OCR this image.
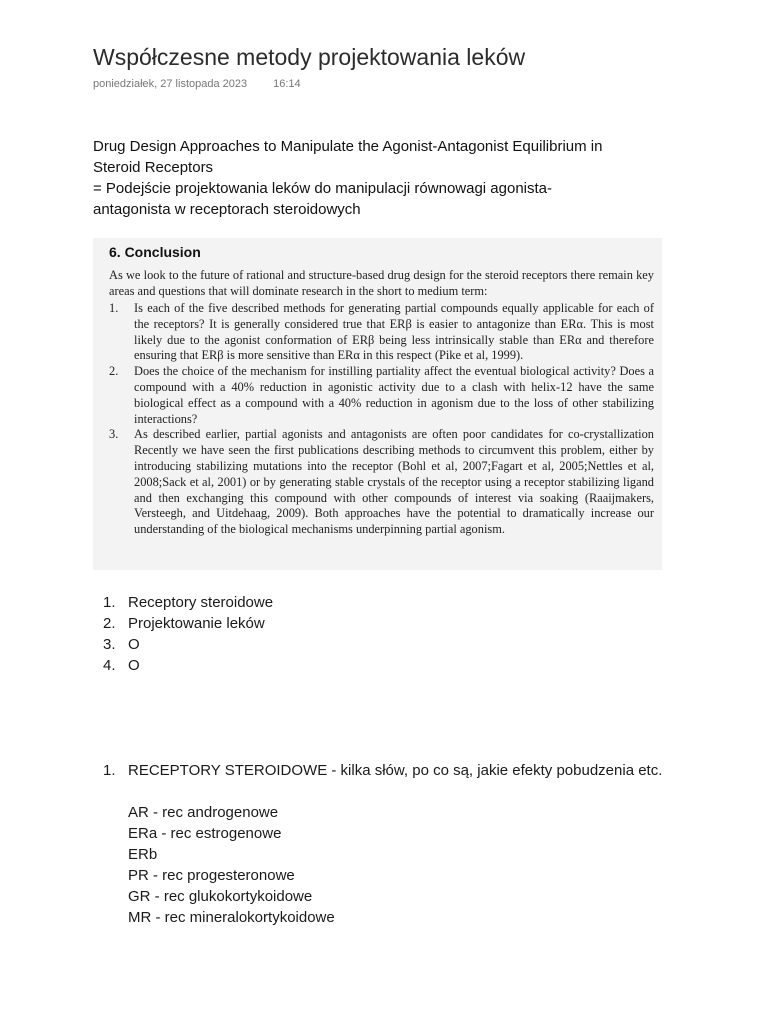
Współczesne metody projektowania leków
poniedziałek, 27 listopada 2023 16:14
Drug Design Approaches to Manipulate the Agonist-Antagonist Equilibrium in
Steroid Receptors
= Podejście projektowania leków do manipulacji równowagi agonista-
antagonista w receptorach steroidowych
6. Conclusion
As we look to the future of rational and structure-based drug design for the steroid receptors there remain key areas and questions that will dominate research in the short to medium term:
1. Is each of the five described methods for generating partial compounds equally applicable for each of the receptors? It is generally considered true that ERβ is easier to antagonize than ERα. This is most likely due to the agonist conformation of ERβ being less intrinsically stable than ERα and therefore ensuring that ERβ is more sensitive than ERα in this respect (Pike et al, 1999).
2. Does the choice of the mechanism for instilling partiality affect the eventual biological activity? Does a compound with a 40% reduction in agonistic activity due to a clash with helix-12 have the same biological effect as a compound with a 40% reduction in agonism due to the loss of other stabilizing interactions?
3. As described earlier, partial agonists and antagonists are often poor candidates for co-crystallization Recently we have seen the first publications describing methods to circumvent this problem, either by introducing stabilizing mutations into the receptor (Bohl et al, 2007;Fagart et al, 2005;Nettles et al, 2008;Sack et al, 2001) or by generating stable crystals of the receptor using a receptor stabilizing ligand and then exchanging this compound with other compounds of interest via soaking (Raaijmakers, Versteegh, and Uitdehaag, 2009). Both approaches have the potential to dramatically increase our understanding of the biological mechanisms underpinning partial agonism.
1. Receptory steroidowe
2. Projektowanie leków
3. O
4. O
1. RECEPTORY STEROIDOWE - kilka słów, po co są, jakie efekty pobudzenia etc.
AR - rec androgenowe
ERa - rec estrogenowe
ERb
PR - rec progesteronowe
GR - rec glukokortykoidowe
MR - rec mineralokortykoidowe
